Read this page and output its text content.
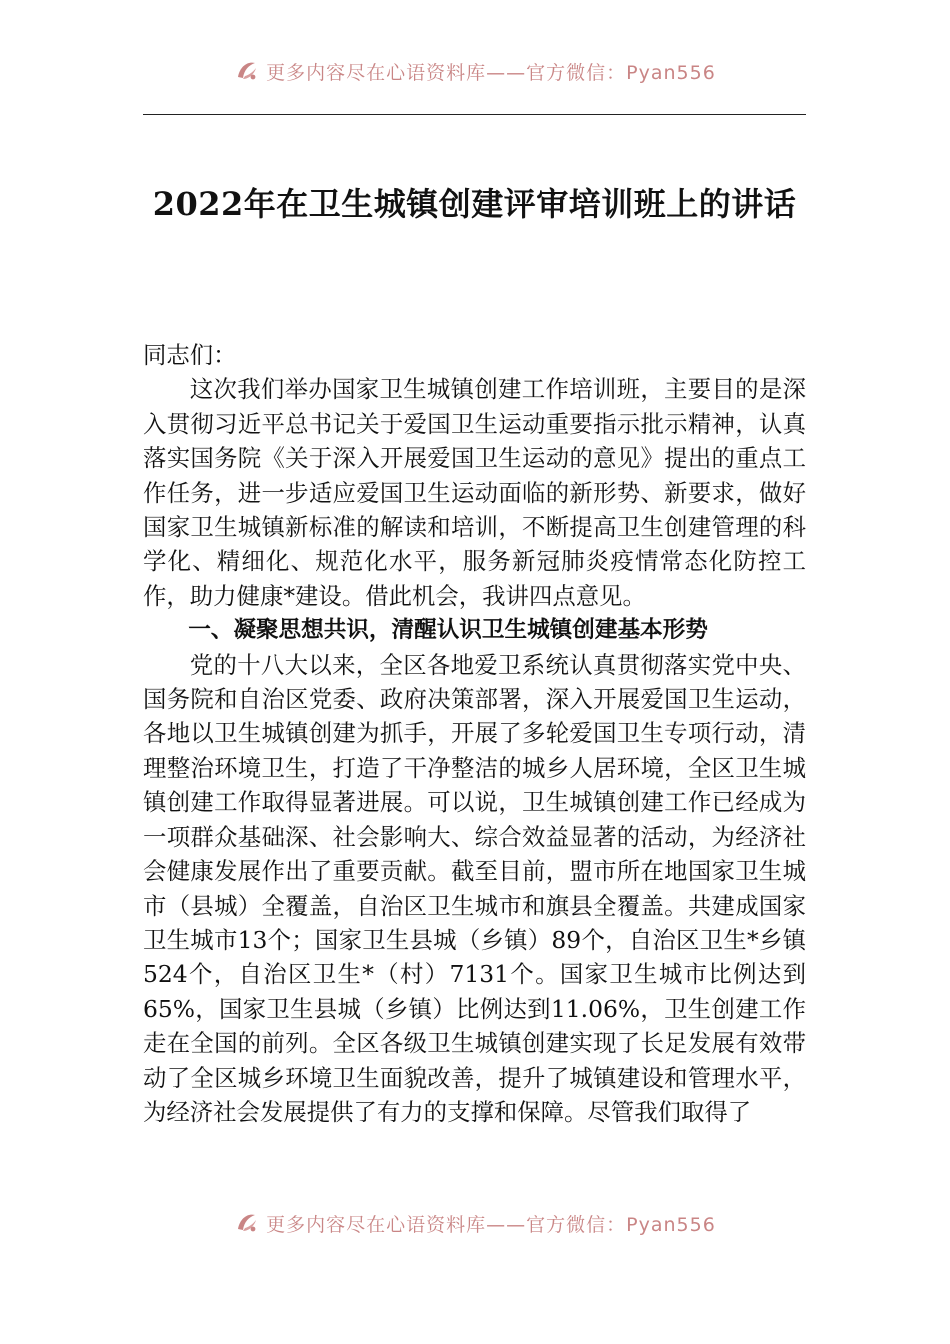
更多内容尽在心语资料库——官方微信：Pyan556
2022年在卫生城镇创建评审培训班上的讲话

同志们：

这次我们举办国家卫生城镇创建工作培训班，主要目的是深入贯彻习近平总书记关于爱国卫生运动重要指示批示精神，认真落实国务院《关于深入开展爱国卫生运动的意见》提出的重点工作任务，进一步适应爱国卫生运动面临的新形势、新要求，做好国家卫生城镇新标准的解读和培训，不断提高卫生创建管理的科学化、精细化、规范化水平，服务新冠肺炎疫情常态化防控工作，助力健康*建设。借此机会，我讲四点意见。

一、凝聚思想共识，清醒认识卫生城镇创建基本形势

党的十八大以来，全区各地爱卫系统认真贯彻落实党中央、国务院和自治区党委、政府决策部署，深入开展爱国卫生运动，各地以卫生城镇创建为抓手，开展了多轮爱国卫生专项行动，清理整治环境卫生，打造了干净整洁的城乡人居环境，全区卫生城镇创建工作取得显著进展。可以说，卫生城镇创建工作已经成为一项群众基础深、社会影响大、综合效益显著的活动，为经济社会健康发展作出了重要贡献。截至目前，盟市所在地国家卫生城市（县城）全覆盖，自治区卫生城市和旗县全覆盖。共建成国家卫生城市13个；国家卫生县城（乡镇）89个，自治区卫生*乡镇524个，自治区卫生*（村）7131个。国家卫生城市比例达到65%，国家卫生县城（乡镇）比例达到11.06%，卫生创建工作走在全国的前列。全区各级卫生城镇创建实现了长足发展有效带动了全区城乡环境卫生面貌改善，提升了城镇建设和管理水平，为经济社会发展提供了有力的支撑和保障。尽管我们取得了

更多内容尽在心语资料库——官方微信：Pyan556
